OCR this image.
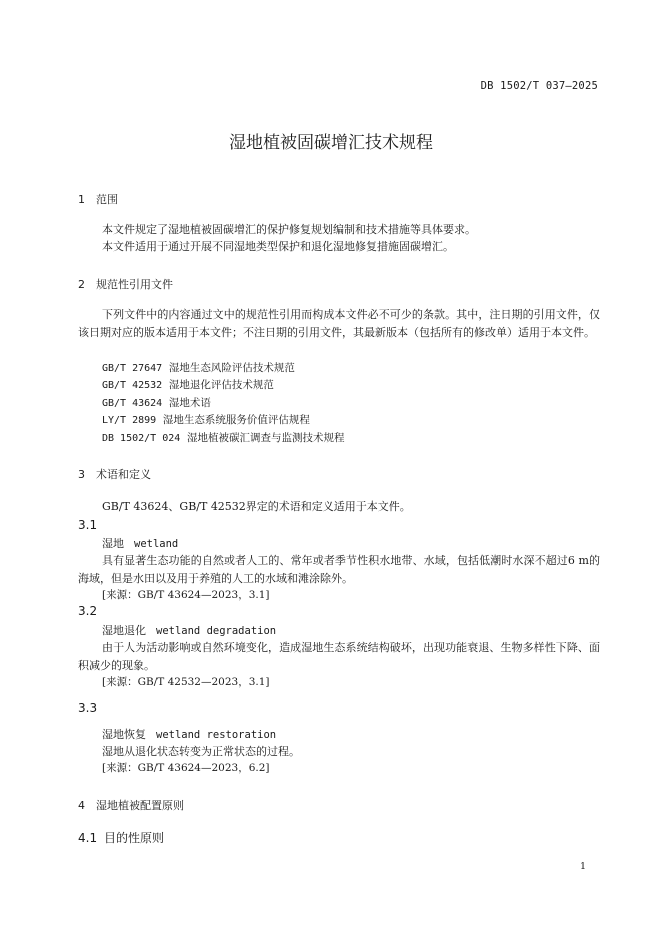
DB 1502/T 037—2025
湿地植被固碳增汇技术规程
1 范围
本文件规定了湿地植被固碳增汇的保护修复规划编制和技术措施等具体要求。
本文件适用于通过开展不同湿地类型保护和退化湿地修复措施固碳增汇。
2 规范性引用文件
下列文件中的内容通过文中的规范性引用而构成本文件必不可少的条款。其中，注日期的引用文件，仅该日期对应的版本适用于本文件；不注日期的引用文件，其最新版本（包括所有的修改单）适用于本文件。
GB/T 27647 湿地生态风险评估技术规范
GB/T 42532 湿地退化评估技术规范
GB/T 43624 湿地术语
LY/T 2899 湿地生态系统服务价值评估规程
DB 1502/T 024 湿地植被碳汇调查与监测技术规程
3 术语和定义
GB/T 43624、GB/T 42532界定的术语和定义适用于本文件。
3.1
湿地 wetland
具有显著生态功能的自然或者人工的、常年或者季节性积水地带、水域，包括低潮时水深不超过6 m的海域，但是水田以及用于养殖的人工的水域和滩涂除外。
[来源：GB/T 43624—2023，3.1]
3.2
湿地退化 wetland degradation
由于人为活动影响或自然环境变化，造成湿地生态系统结构破坏，出现功能衰退、生物多样性下降、面积减少的现象。
[来源：GB/T 42532—2023，3.1]
3.3
湿地恢复 wetland restoration
湿地从退化状态转变为正常状态的过程。
[来源：GB/T 43624—2023，6.2]
4 湿地植被配置原则
4.1 目的性原则
1
